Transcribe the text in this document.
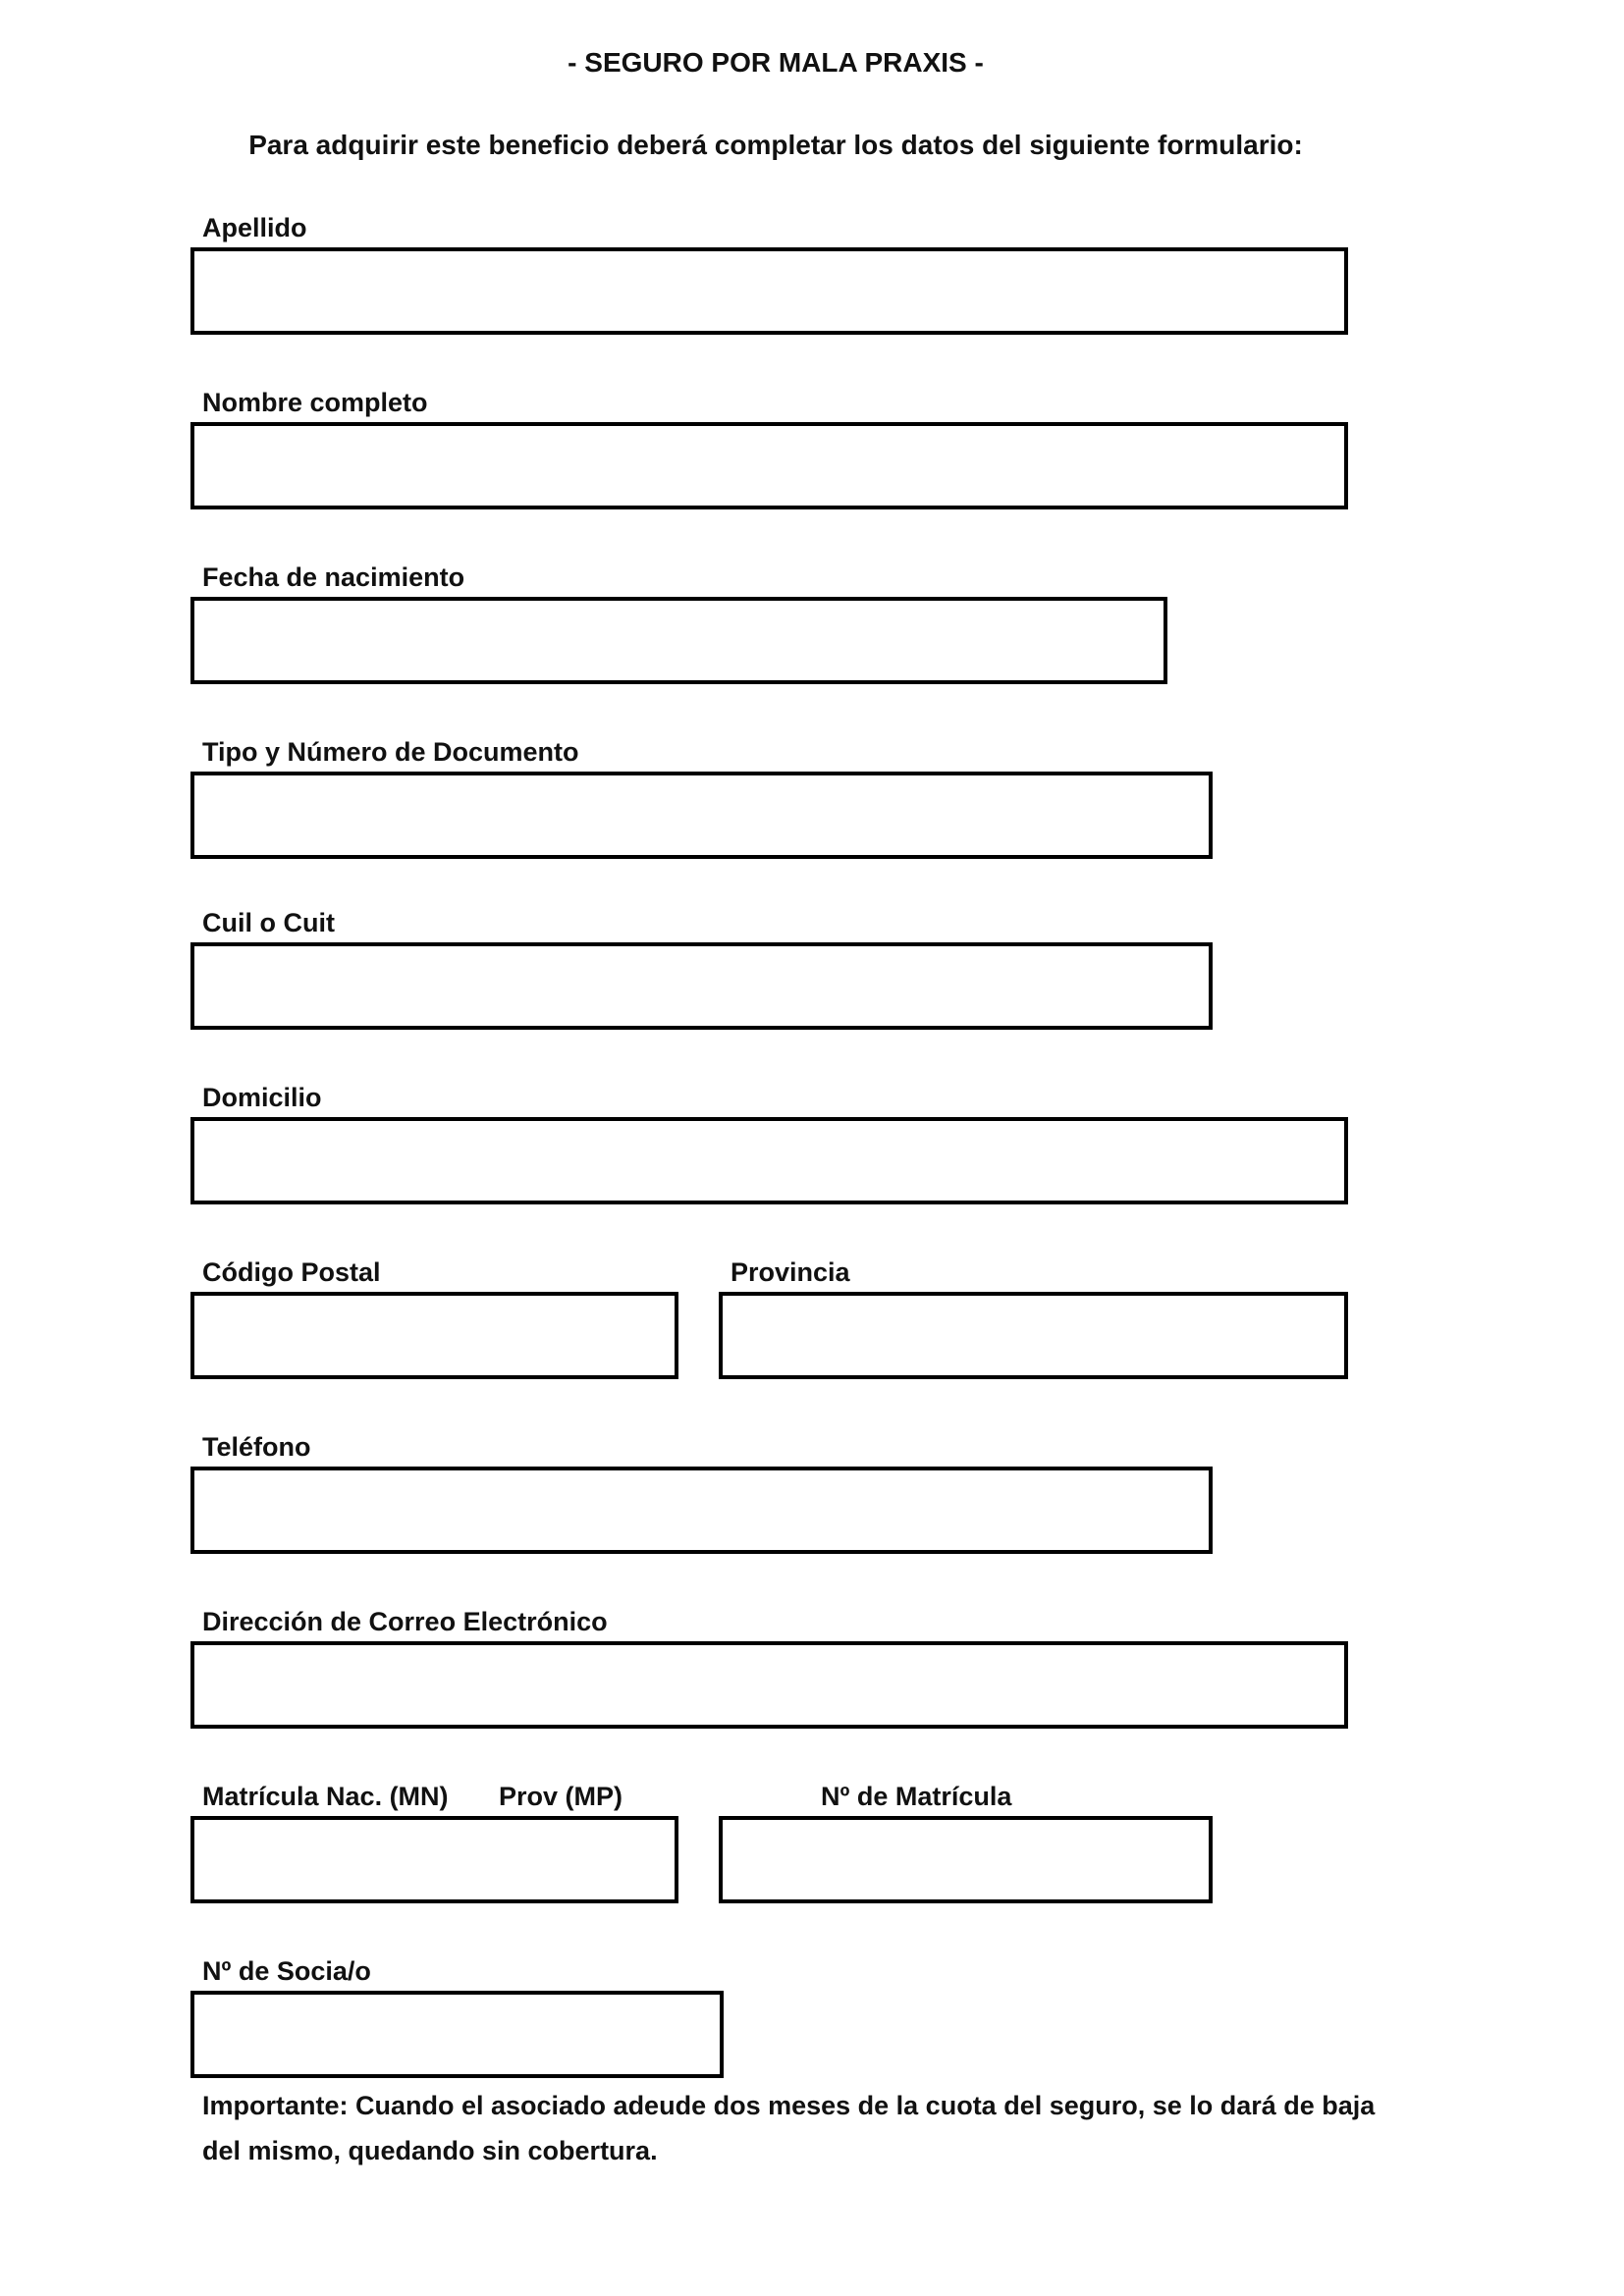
- SEGURO POR MALA PRAXIS -
Para adquirir este beneficio deberá completar los datos del siguiente formulario:
Apellido
Nombre completo
Fecha de nacimiento
Tipo y Número de Documento
Cuil o Cuit
Domicilio
Código Postal	Provincia
Teléfono
Dirección de Correo Electrónico
Matrícula Nac. (MN) Prov (MP)	Nº de Matrícula
Nº de Socia/o
Importante: Cuando el asociado adeude dos meses de la cuota del seguro, se lo dará de baja del mismo, quedando sin cobertura.
